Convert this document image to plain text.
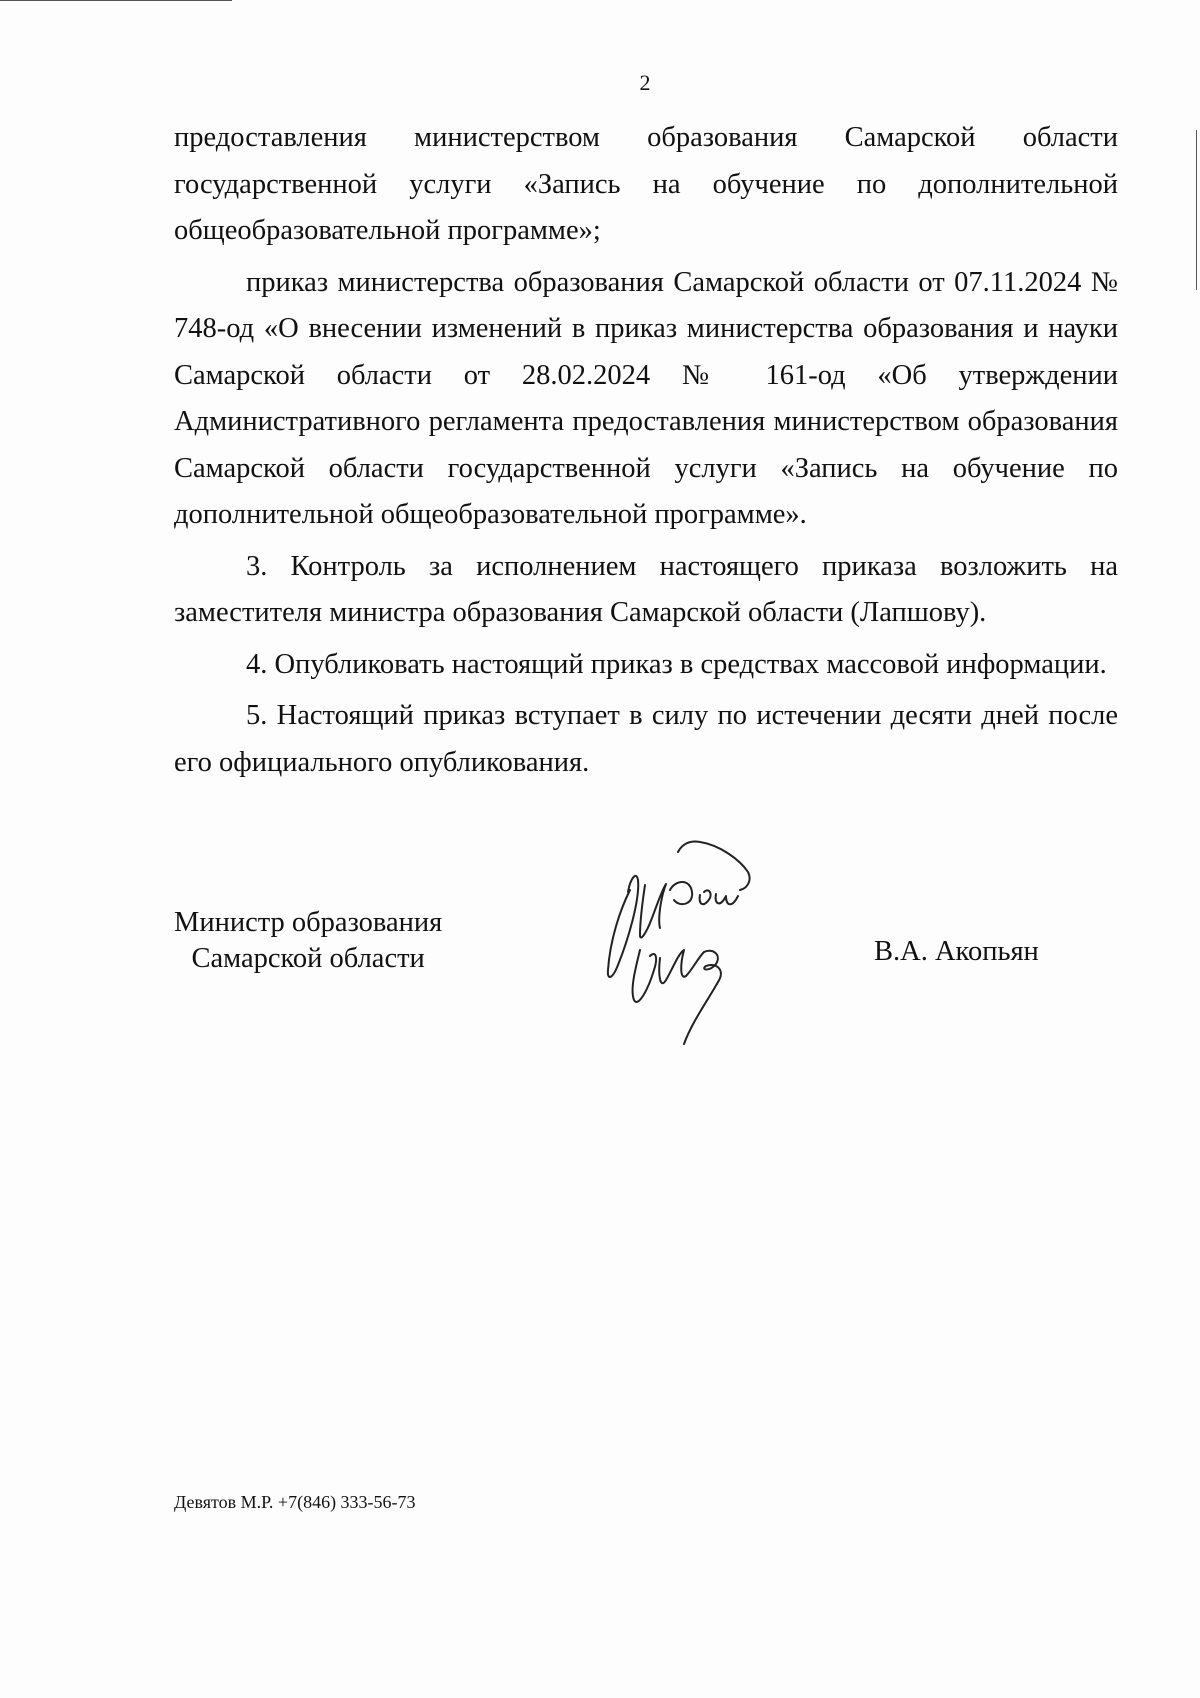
2

предоставления министерством образования Самарской области государственной услуги «Запись на обучение по дополнительной общеобразовательной программе»;

приказ министерства образования Самарской области от 07.11.2024 № 748-од «О внесении изменений в приказ министерства образования и науки Самарской области от 28.02.2024 № 161-од «Об утверждении Административного регламента предоставления министерством образования Самарской области государственной услуги «Запись на обучение по дополнительной общеобразовательной программе».

3. Контроль за исполнением настоящего приказа возложить на заместителя министра образования Самарской области (Лапшову).

4. Опубликовать настоящий приказ в средствах массовой информации.

5. Настоящий приказ вступает в силу по истечении десяти дней после его официального опубликования.

Министр образования
Самарской области	В.А. Акопьян
Девятов М.Р. +7(846) 333-56-73
